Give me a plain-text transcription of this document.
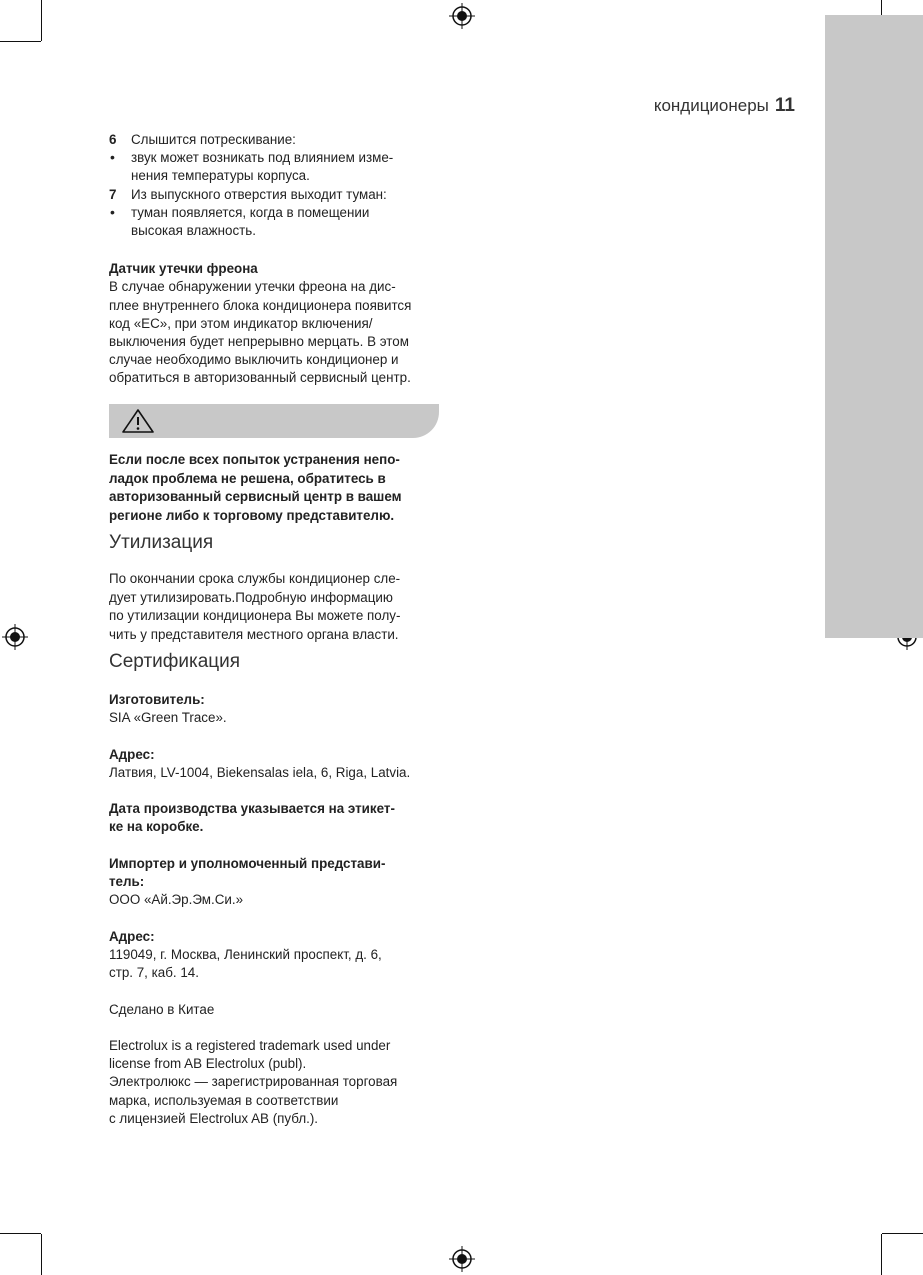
кондиционеры 11
6 Слышится потрескивание:
• звук может возникать под влиянием изме-
нения температуры корпуса.
7 Из выпускного отверстия выходит туман:
• туман появляется, когда в помещении
высокая влажность.
Датчик утечки фреона
В случае обнаружении утечки фреона на дис-
плее внутреннего блока кондиционера появится
код «EC», при этом индикатор включения/
выключения будет непрерывно мерцать. В этом
случае необходимо выключить кондиционер и
обратиться в авторизованный сервисный центр.
Если после всех попыток устранения непо-
ладок проблема не решена, обратитесь в
авторизованный сервисный центр в вашем
регионе либо к торговому представителю.
Утилизация
По окончании срока службы кондиционер сле-
дует утилизировать.Подробную информацию
по утилизации кондиционера Вы можете полу-
чить у представителя местного органа власти.
Сертификация
Изготовитель:
SIA «Green Trace».
Адрес:
Латвия, LV-1004, Biekensalas iela, 6, Riga, Latvia.
Дата производства указывается на этикет-
ке на коробке.
Импортер и уполномоченный представи-
тель:
ООО «Ай.Эр.Эм.Си.»
Адрес:
119049, г. Москва, Ленинский проспект, д. 6,
стр. 7, каб. 14.
Сделано в Китае
Electrolux is a registered trademark used under
license from AB Electrolux (publ).
Электролюкс — зарегистрированная торговая
марка, используемая в соответствии
с лицензией Electrolux AB (публ.).
